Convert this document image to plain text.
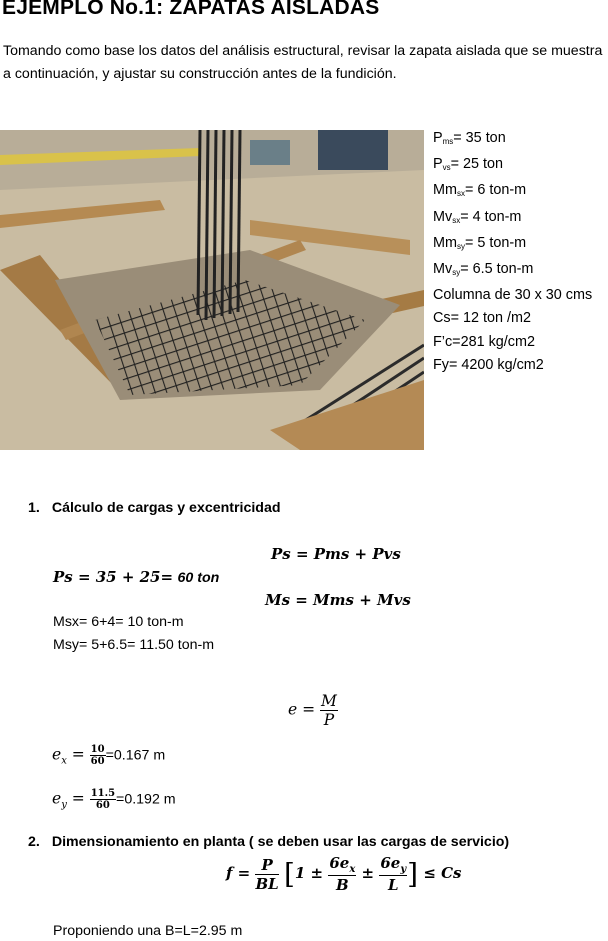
EJEMPLO No.1: ZAPATAS AISLADAS
Tomando como base los datos del análisis estructural, revisar la zapata aislada que se muestra a continuación, y ajustar su construcción antes de la fundición.
$P_{ms}= 35$ ton
$P_{vs}= 25$ ton
$Mm_{sx}= 6$ ton-m
$Mv_{sx}= 4$ ton-m
$Mm_{sy}= 5$ ton-m
$Mv_{sy}= 6.5$ ton-m
Columna de 30 x 30 cms
Cs= 12 ton /m2
F’c=281 kg/cm2
Fy= 4200 kg/cm2
1. Cálculo de cargas y excentricidad
Ps = Pms + Pvs
Ms = Mms + Mvs
Ps = 35 + 25= 60 ton
Msx= 6+4= 10 ton-m
Msy= 5+6.5= 11.50 ton-m
$e = \frac{M}{P}$
$e_x = \frac{10}{60} =0.167$ m
$e_y = \frac{11.5}{60} =0.192$ m
2. Dimensionamiento en planta ( se deben usar las cargas de servicio)
$f = \frac{P}{BL} [1 \pm \frac{6e_x}{B} \pm \frac{6e_y}{L}$ ] ≤ Cs
Proponiendo una B=L=2.95 m
